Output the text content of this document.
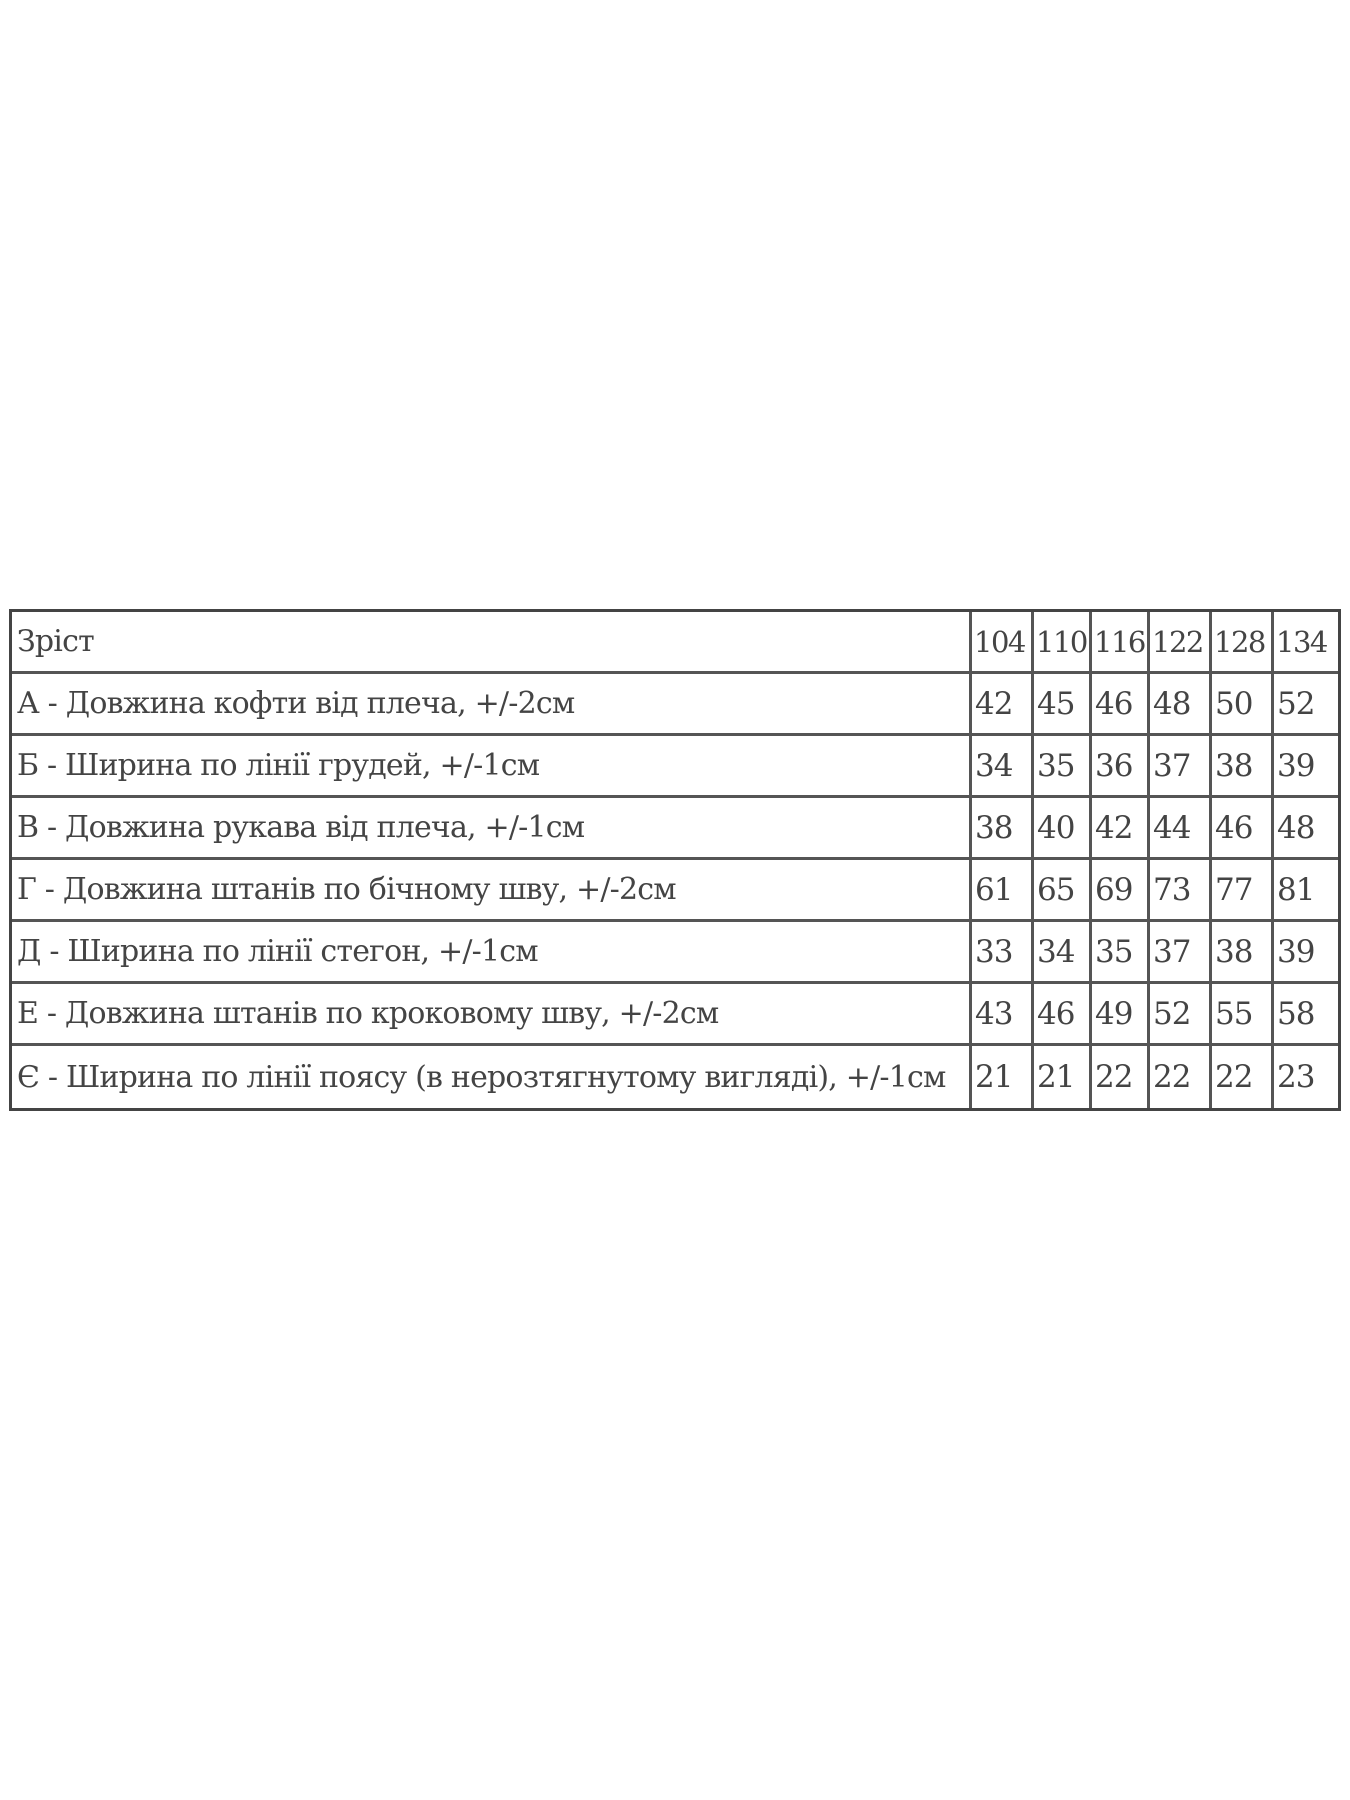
Зріст	104	110	116	122	128	134
А - Довжина кофти від плеча, +/-2см	42	45	46	48	50	52
Б - Ширина по лінії грудей, +/-1см	34	35	36	37	38	39
В - Довжина рукава від плеча, +/-1см	38	40	42	44	46	48
Г - Довжина штанів по бічному шву, +/-2см	61	65	69	73	77	81
Д - Ширина по лінії стегон, +/-1см	33	34	35	37	38	39
Е - Довжина штанів по кроковому шву, +/-2см	43	46	49	52	55	58
Є - Ширина по лінії поясу (в нерозтягнутому вигляді), +/-1см	21	21	22	22	22	23
